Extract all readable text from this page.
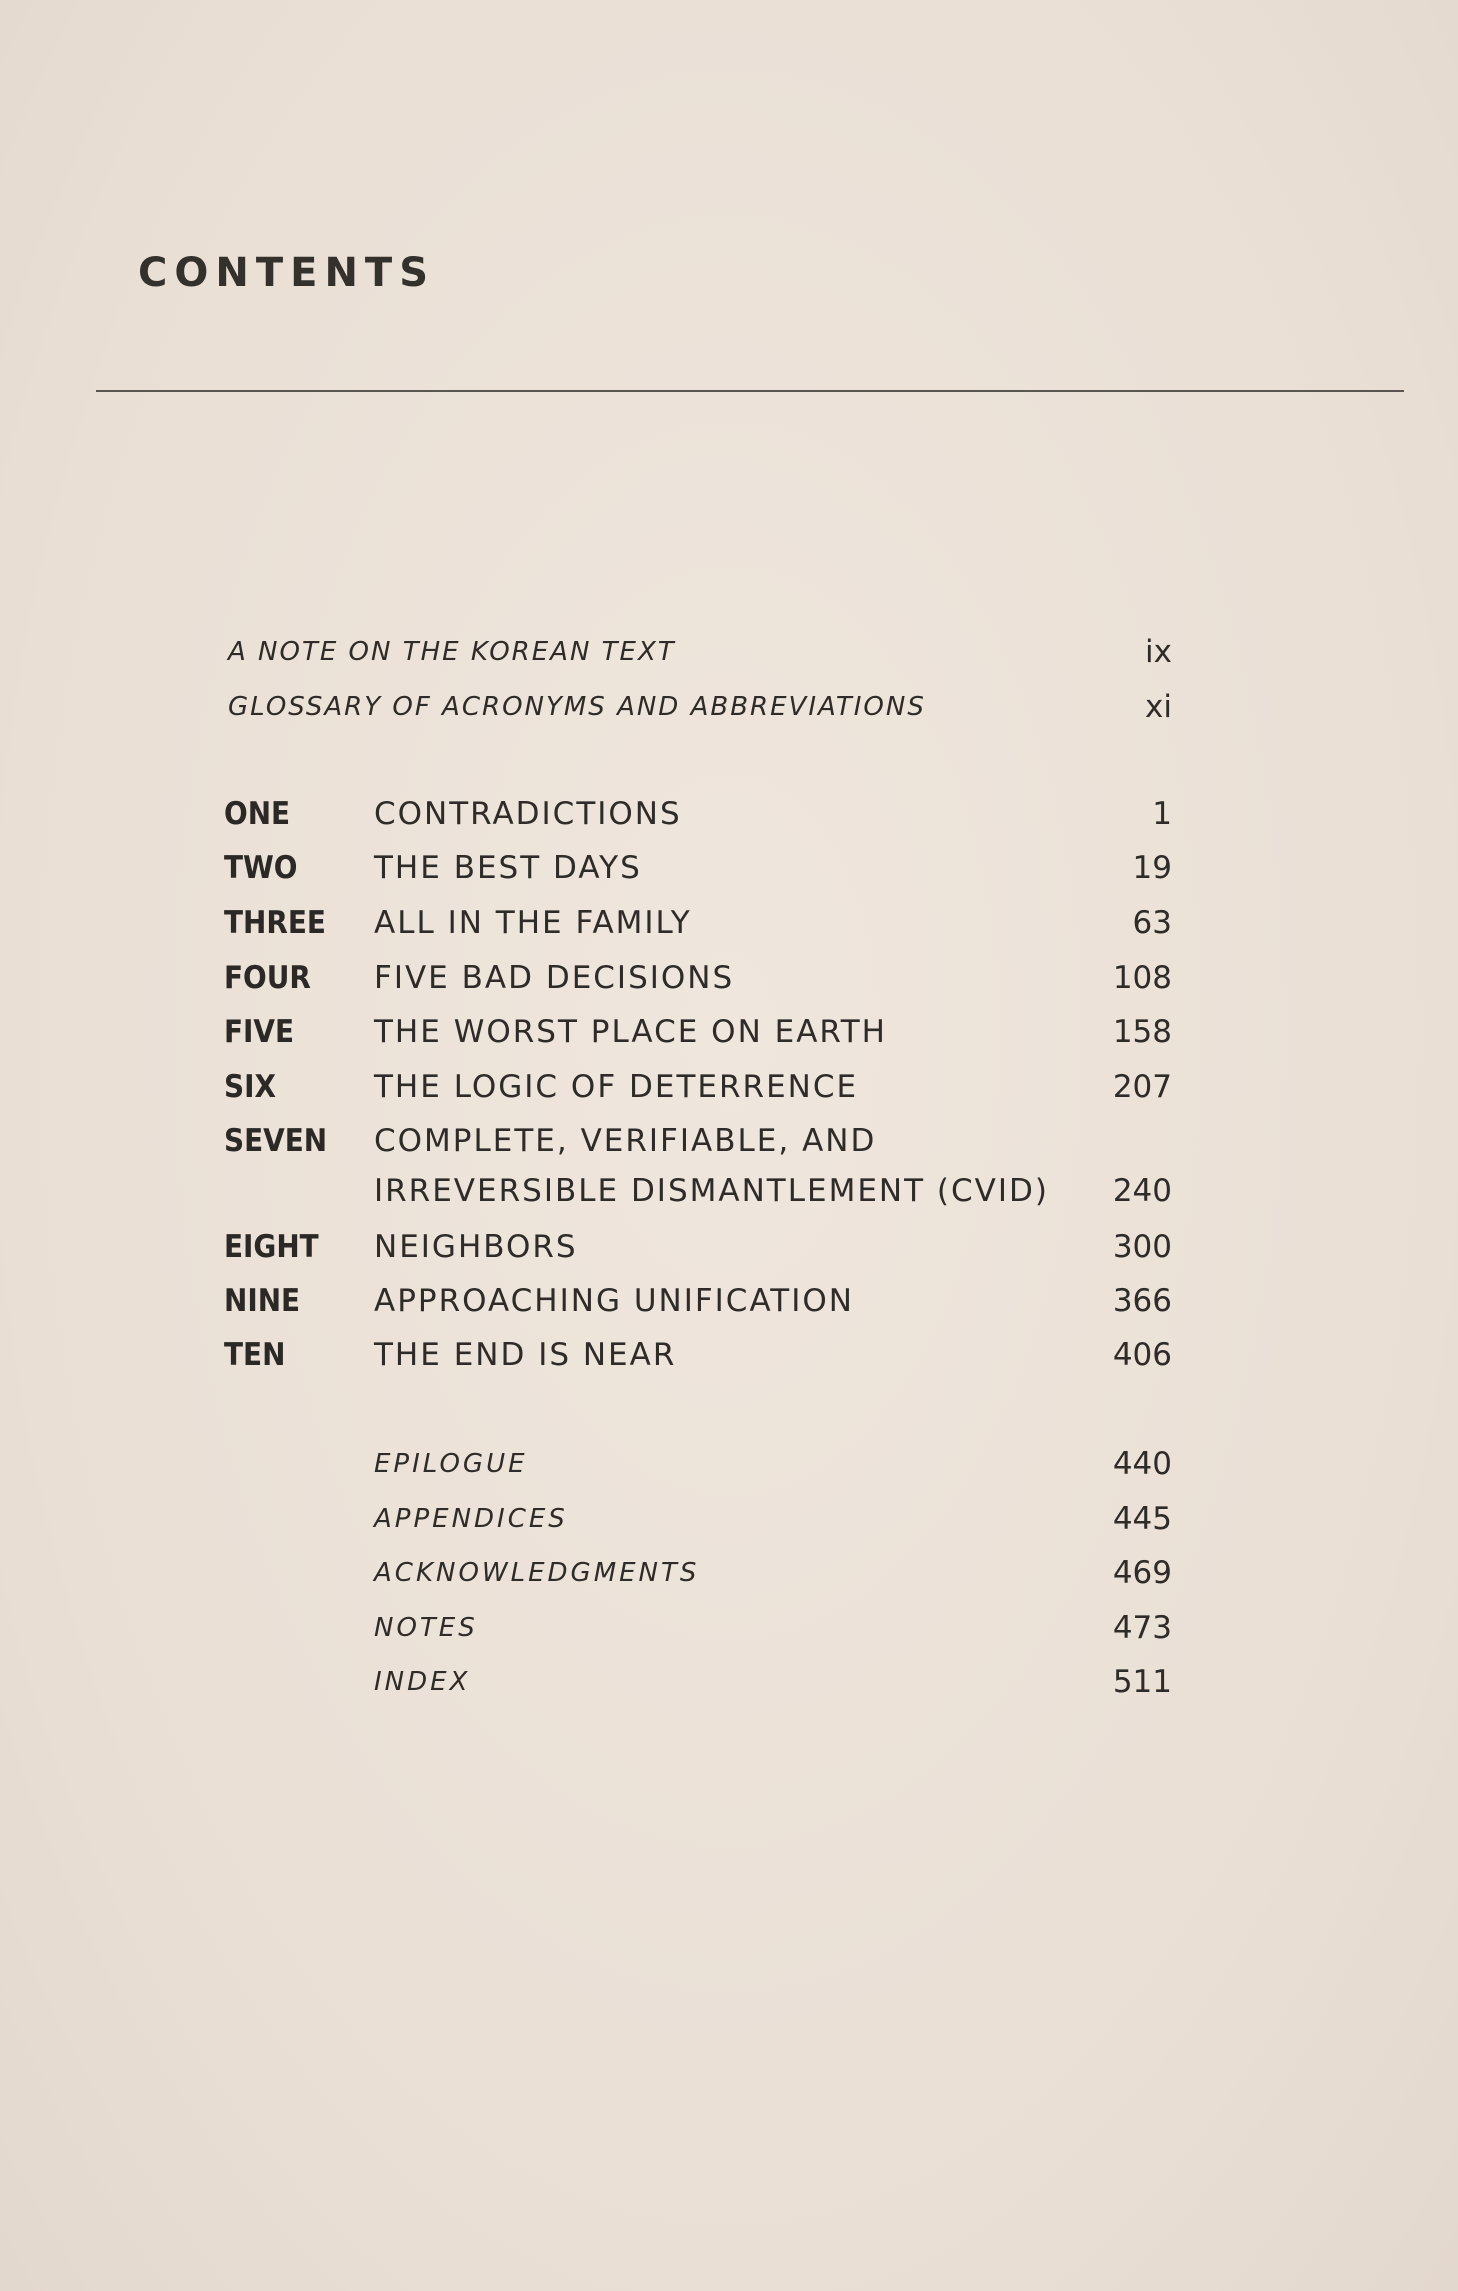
CONTENTS
A NOTE ON THE KOREAN TEXT	ix
GLOSSARY OF ACRONYMS AND ABBREVIATIONS	xi
ONE	CONTRADICTIONS	1
TWO THE BEST DAYS	19
THREE ALL IN THE FAMILY	63
FOUR FIVE BAD DECISIONS	108
FIVE	THE WORST PLACE ON EARTH	158
SIX	THE LOGIC OF DETERRENCE	207
SEVEN COMPLETE, VERIFIABLE, AND
IRREVERSIBLE DISMANTLEMENT (CVID) 240
EIGHT NEIGHBORS	300
NINE APPROACHING UNIFICATION	366
TEN	THE END IS NEAR	406
EPILOGUE	440
APPENDICES	445
ACKNOWLEDGMENTS	469
NOTES	473
INDEX	511
